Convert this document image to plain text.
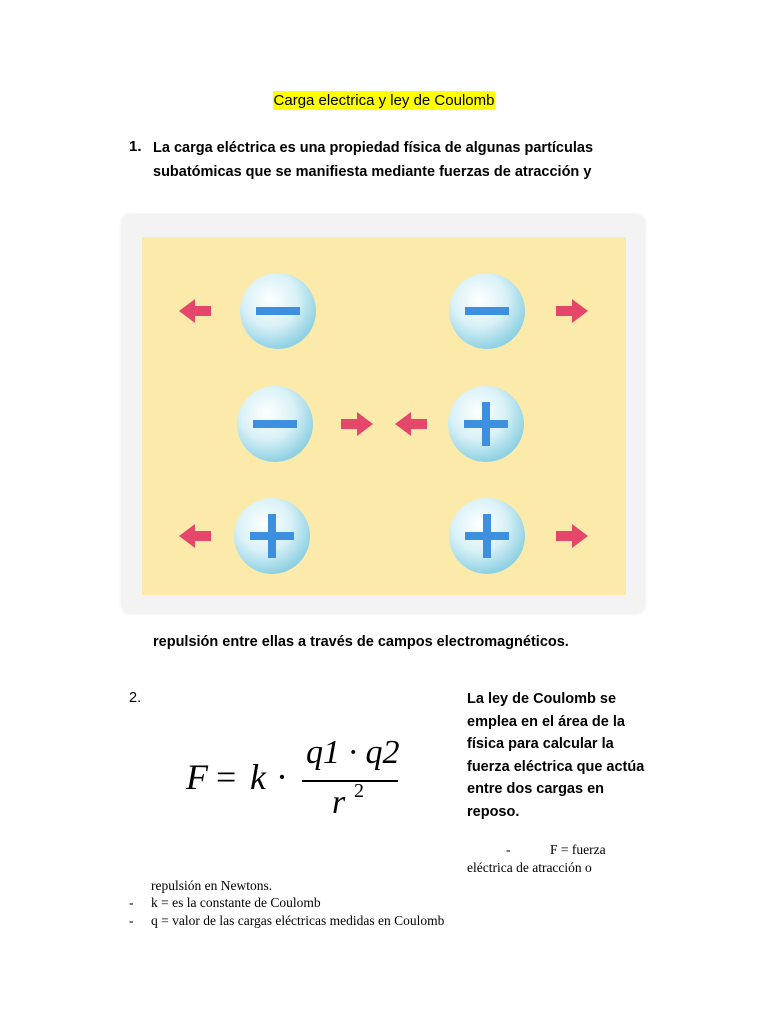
Carga electrica y ley de Coulomb
1. La carga eléctrica es una propiedad física de algunas partículas
subatómicas que se manifiesta mediante fuerzas de atracción y
repulsión entre ellas a través de campos electromagnéticos.
2.
F = k ·
q1 · q2
r 2
La ley de Coulomb se
emplea en el área de la
física para calcular la
fuerza eléctrica que actúa
entre dos cargas en
reposo.
-	F = fuerza
eléctrica de atracción o
repulsión en Newtons.
- k = es la constante de Coulomb
- q = valor de las cargas eléctricas medidas en Coulomb
